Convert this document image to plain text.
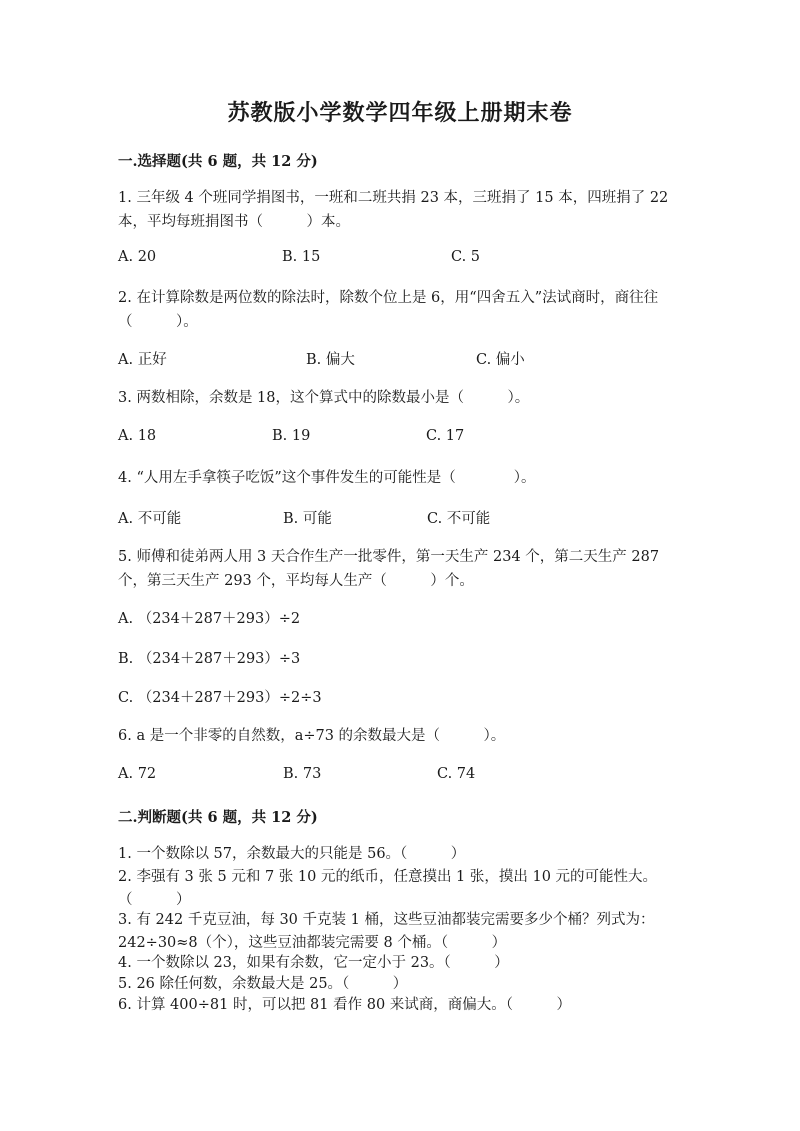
苏教版小学数学四年级上册期末卷
一.选择题(共 6 题，共 12 分)
1. 三年级 4 个班同学捐图书，一班和二班共捐 23 本，三班捐了 15 本，四班捐了 22 本，平均每班捐图书（　　　）本。
A. 20	B. 15	C. 5
2. 在计算除数是两位数的除法时，除数个位上是 6，用“四舍五入”法试商时，商往往（　　　）。
A. 正好	B. 偏大	C. 偏小
3. 两数相除，余数是 18，这个算式中的除数最小是（　　　）。
A. 18	B. 19	C. 17
4. “人用左手拿筷子吃饭”这个事件发生的可能性是（　　　　）。
A. 不可能	B. 可能	C. 不可能
5. 师傅和徒弟两人用 3 天合作生产一批零件，第一天生产 234 个，第二天生产 287 个，第三天生产 293 个，平均每人生产（　　　）个。
A. （234＋287＋293）÷2
B. （234＋287＋293）÷3
C. （234＋287＋293）÷2÷3
6. a 是一个非零的自然数，a÷73 的余数最大是（　　　）。
A. 72	B. 73	C. 74
二.判断题(共 6 题，共 12 分)
1. 一个数除以 57，余数最大的只能是 56。（　　　）
2. 李强有 3 张 5 元和 7 张 10 元的纸币，任意摸出 1 张，摸出 10 元的可能性大。　　（　　　）
3. 有 242 千克豆油，每 30 千克装 1 桶，这些豆油都装完需要多少个桶？列式为：242÷30≈8（个），这些豆油都装完需要 8 个桶。（　　　）
4. 一个数除以 23，如果有余数，它一定小于 23。（　　　）
5. 26 除任何数，余数最大是 25。（　　　）
6. 计算 400÷81 时，可以把 81 看作 80 来试商，商偏大。（　　　）
